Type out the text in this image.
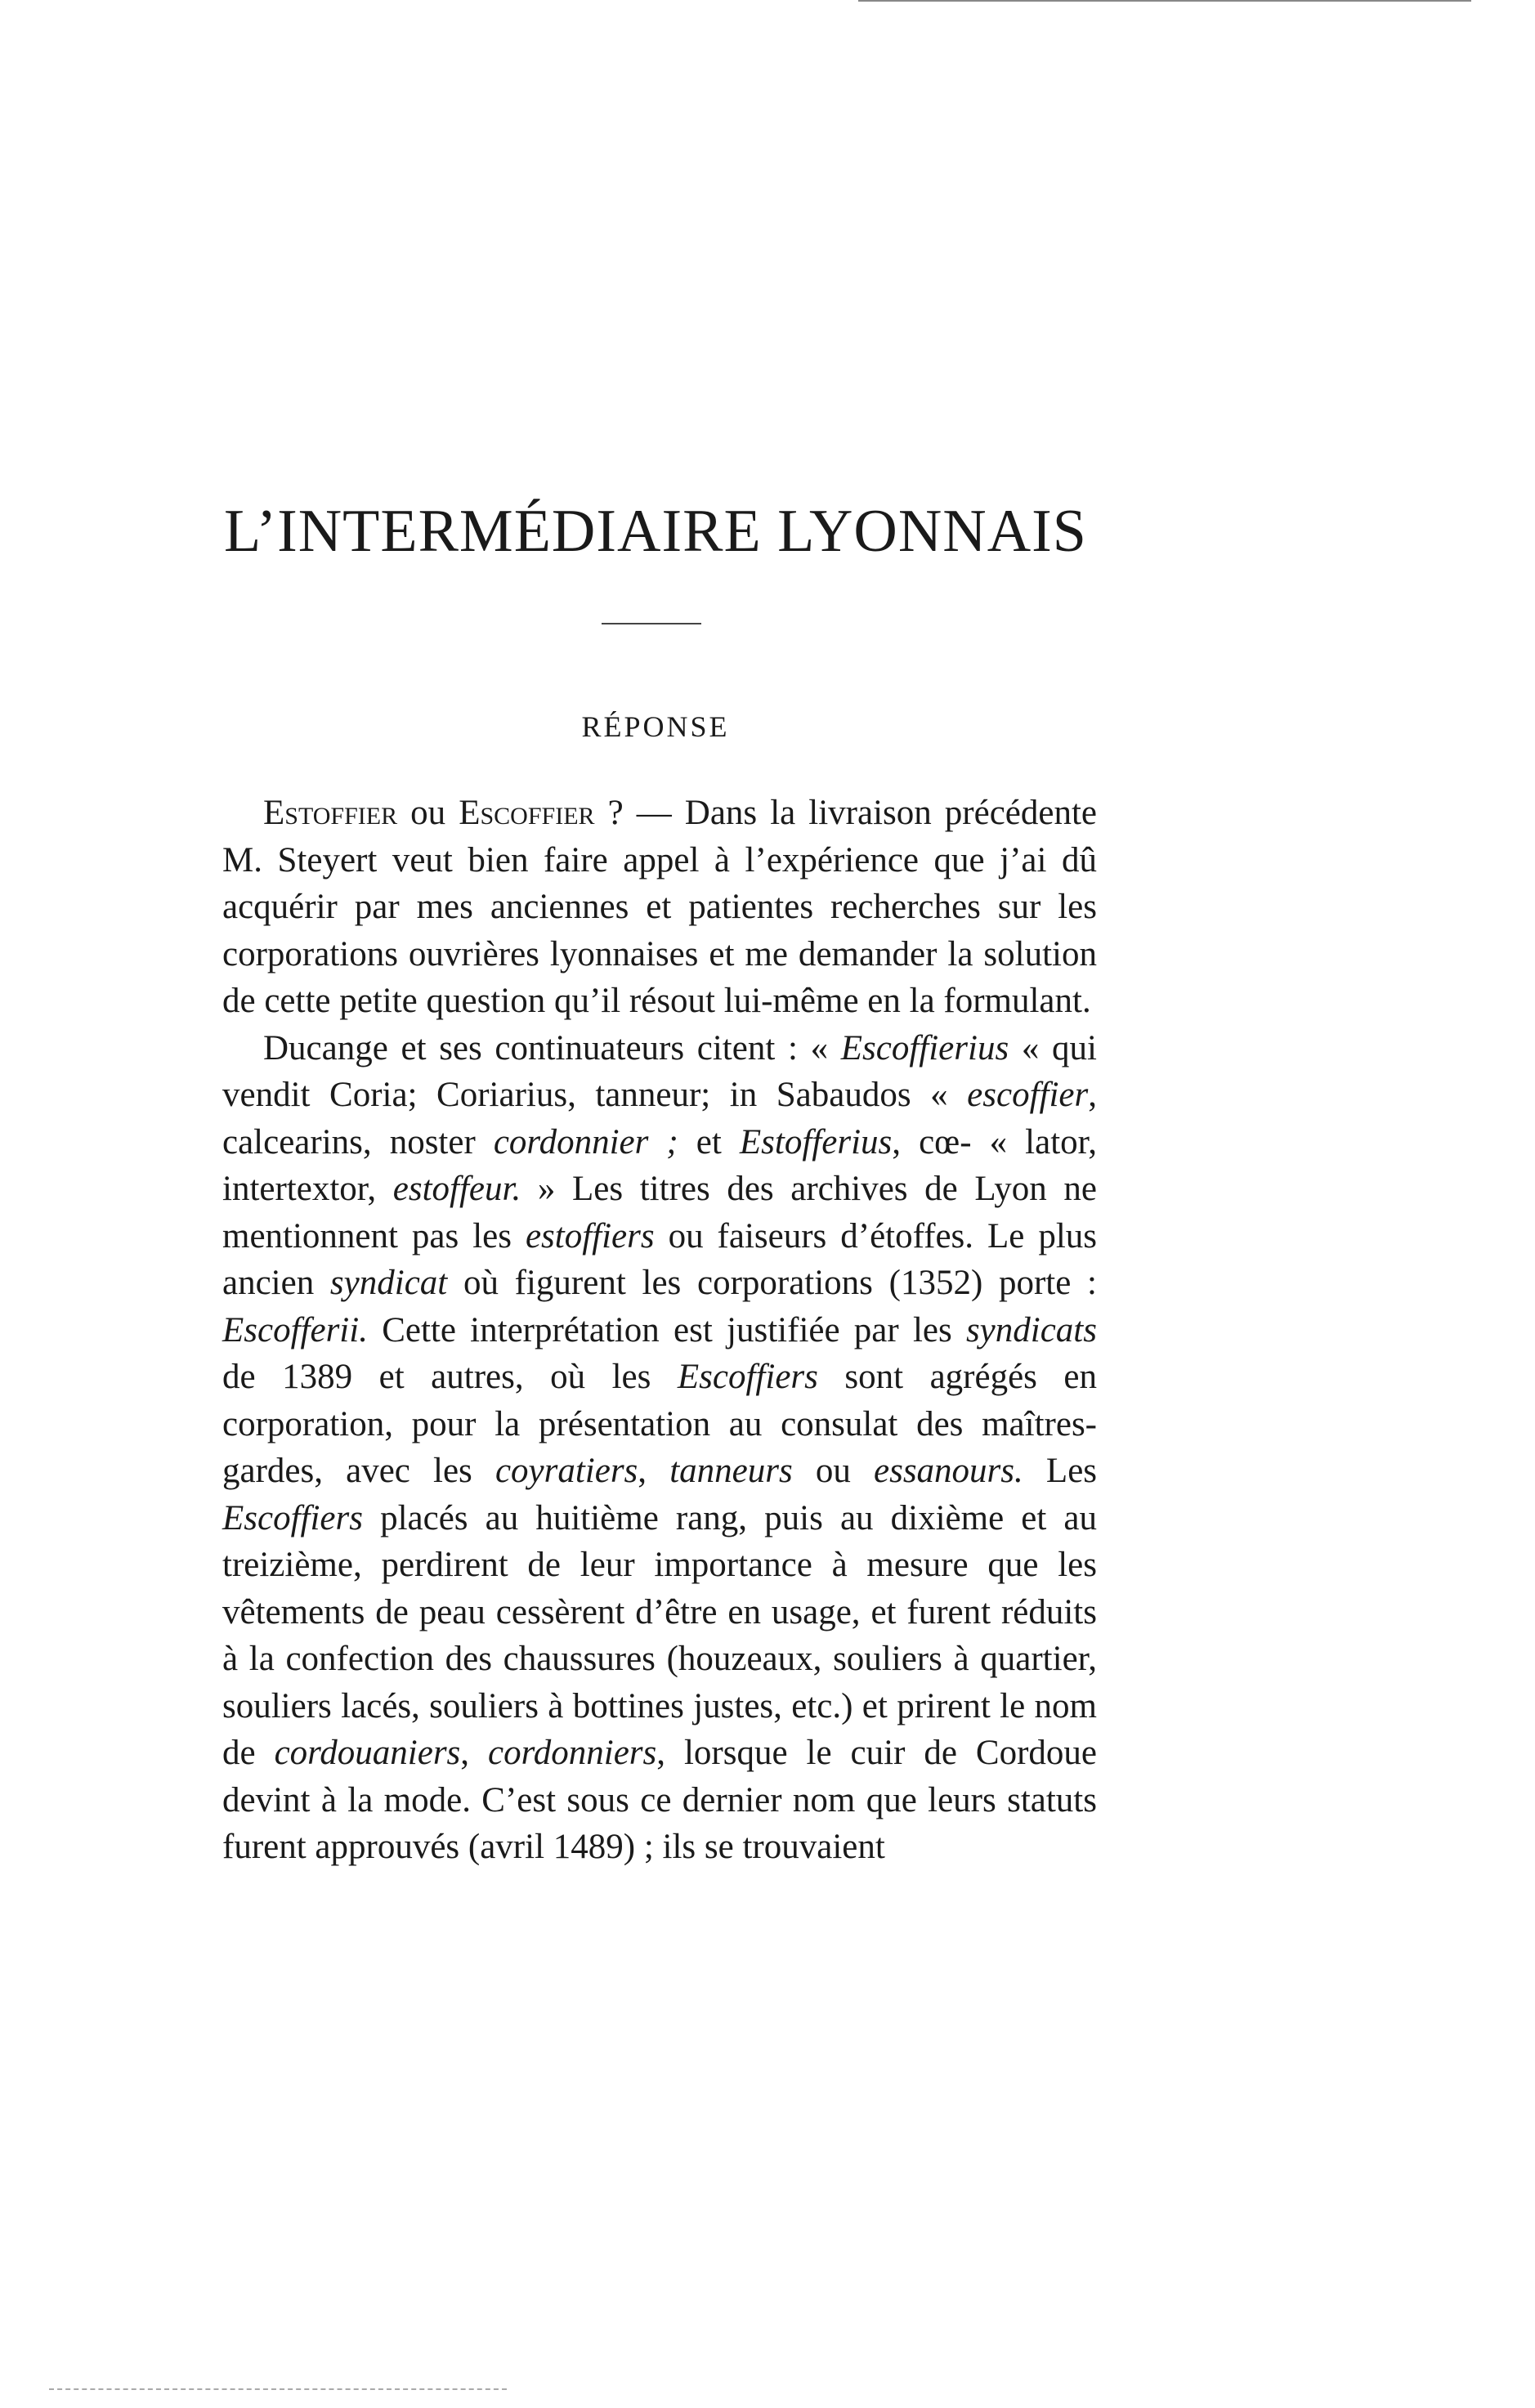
L’INTERMÉDIAIRE LYONNAIS
RÉPONSE

Estoffier ou Escoffier ? — Dans la livraison précédente M. Steyert veut bien faire appel à l’expérience que j’ai dû acquérir par mes anciennes et patientes recherches sur les corporations ouvrières lyonnaises et me demander la solution de cette petite question qu’il résout lui-même en la formulant.

Ducange et ses continuateurs citent : « Escoffierius « qui vendit Coria; Coriarius, tanneur; in Sabaudos « escoffier, calcearins, noster cordonnier ; et Estofferius, cœ- « lator, intertextor, estoffeur. » Les titres des archives de Lyon ne mentionnent pas les estoffiers ou faiseurs d’étoffes. Le plus ancien syndicat où figurent les corporations (1352) porte : Escofferii. Cette interprétation est justifiée par les syndicats de 1389 et autres, où les Escoffiers sont agrégés en corporation, pour la présentation au consulat des maîtres-gardes, avec les coyratiers, tanneurs ou essanours. Les Escoffiers placés au huitième rang, puis au dixième et au treizième, perdirent de leur importance à mesure que les vêtements de peau cessèrent d’être en usage, et furent réduits à la confection des chaussures (houzeaux, souliers à quartier, souliers lacés, souliers à bottines justes, etc.) et prirent le nom de cordouaniers, cordonniers, lorsque le cuir de Cordoue devint à la mode. C’est sous ce dernier nom que leurs statuts furent approuvés (avril 1489) ; ils se trouvaient
